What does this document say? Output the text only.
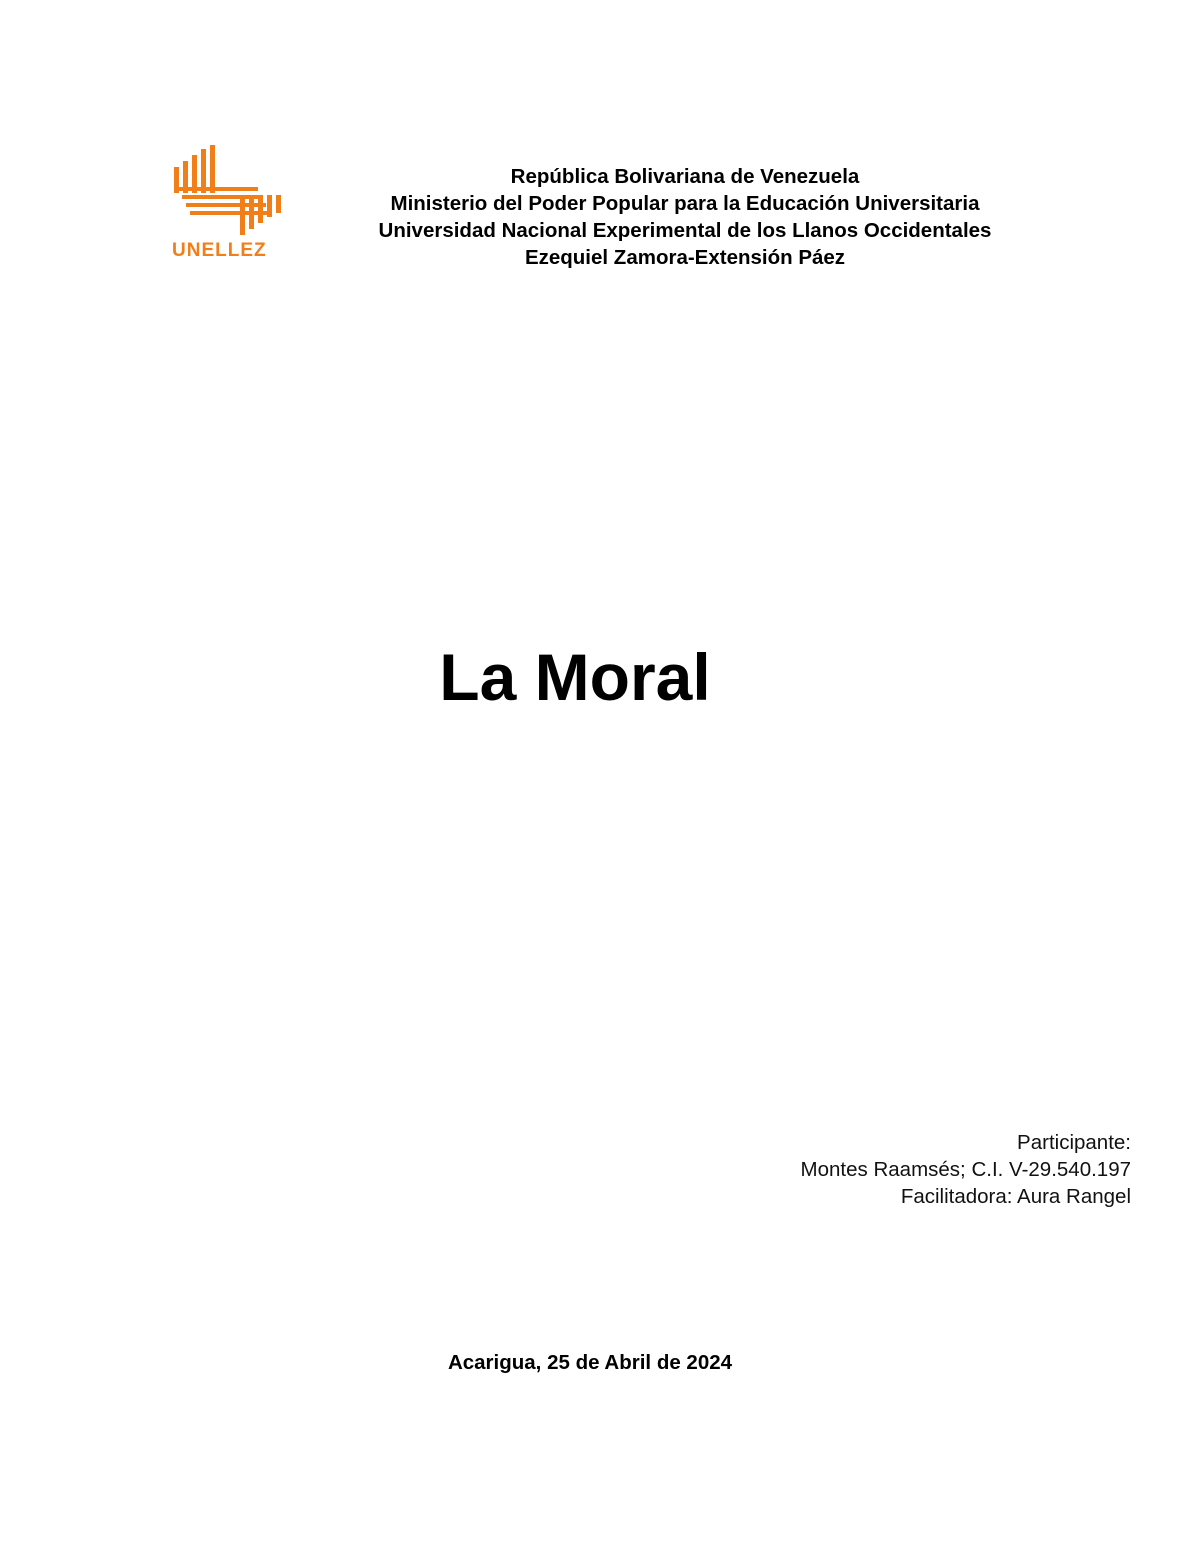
UNELLEZ
República Bolivariana de Venezuela
Ministerio del Poder Popular para la Educación Universitaria
Universidad Nacional Experimental de los Llanos Occidentales
Ezequiel Zamora-Extensión Páez
La Moral
Participante:
Montes Raamsés; C.I. V-29.540.197
Facilitadora: Aura Rangel
Acarigua, 25 de Abril de 2024
